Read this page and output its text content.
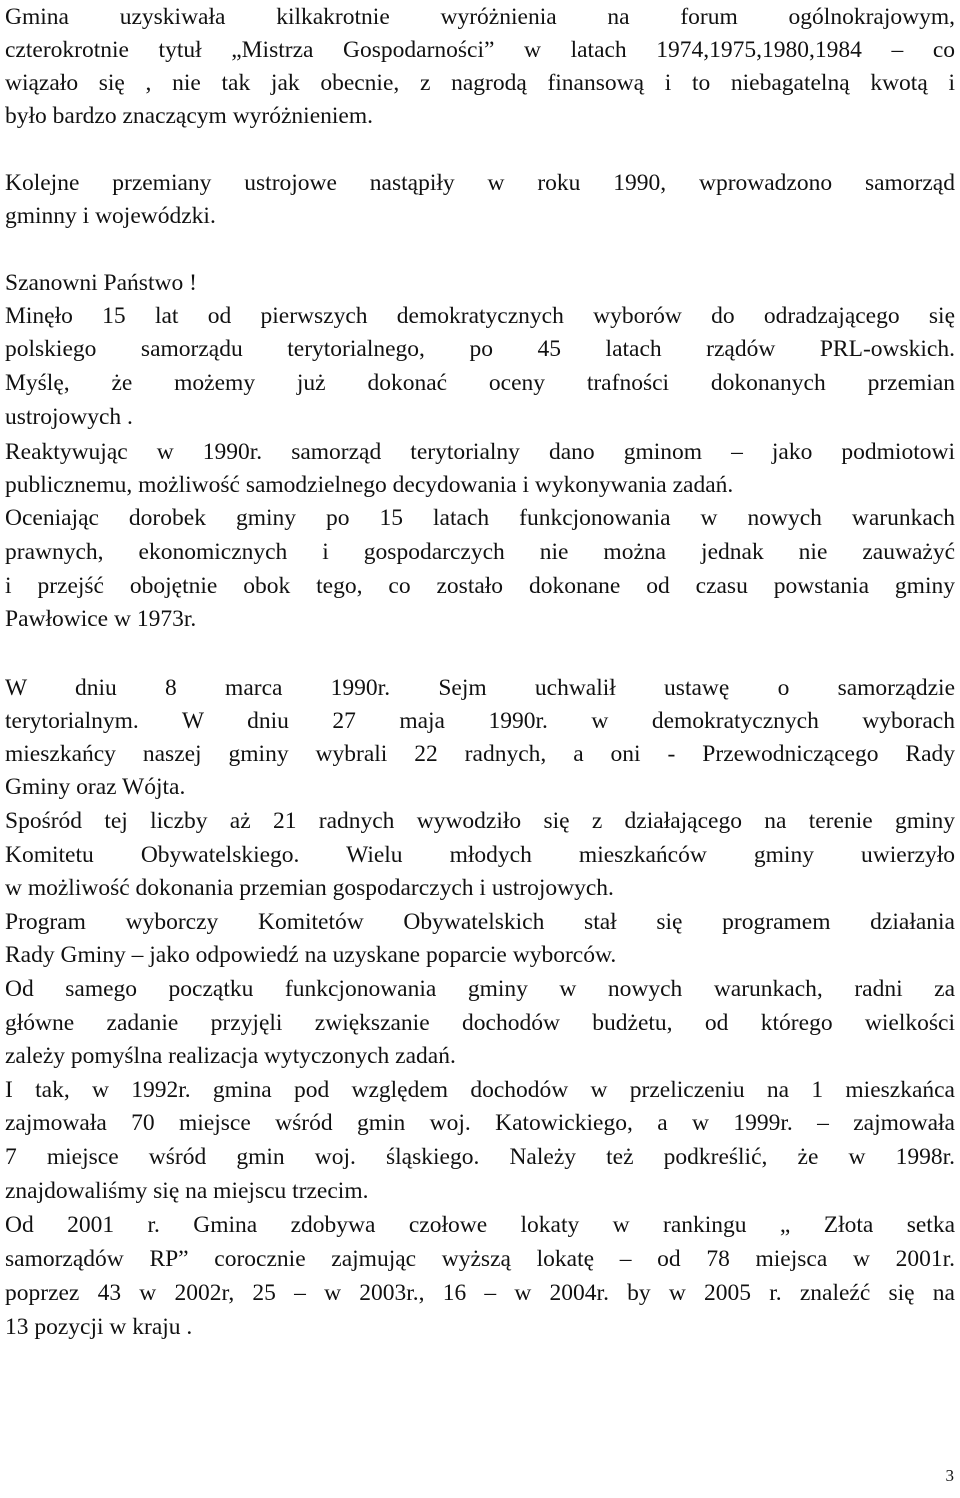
Gmina uzyskiwała kilkakrotnie wyróżnienia na forum ogólnokrajowym,
czterokrotnie tytuł „Mistrza Gospodarności” w latach 1974,1975,1980,1984 – co
wiązało się , nie tak jak obecnie, z nagrodą finansową i to niebagatelną kwotą i
było bardzo znaczącym wyróżnieniem.
Kolejne przemiany ustrojowe nastąpiły w roku 1990, wprowadzono samorząd
gminny i wojewódzki.
Szanowni Państwo !
Minęło 15 lat od pierwszych demokratycznych wyborów do odradzającego się
polskiego samorządu terytorialnego, po 45 latach rządów PRL-owskich.
Myślę, że możemy już dokonać oceny trafności dokonanych przemian
ustrojowych .
Reaktywując w 1990r. samorząd terytorialny dano gminom – jako podmiotowi
publicznemu, możliwość samodzielnego decydowania i wykonywania zadań.
Oceniając dorobek gminy po 15 latach funkcjonowania w nowych warunkach
prawnych, ekonomicznych i gospodarczych nie można jednak nie zauważyć
i przejść obojętnie obok tego, co zostało dokonane od czasu powstania gminy
Pawłowice w 1973r.
W dniu 8 marca 1990r. Sejm uchwalił ustawę o samorządzie
terytorialnym. W dniu 27 maja 1990r. w demokratycznych wyborach
mieszkańcy naszej gminy wybrali 22 radnych, a oni - Przewodniczącego Rady
Gminy oraz Wójta.
Spośród tej liczby aż 21 radnych wywodziło się z działającego na terenie gminy
Komitetu Obywatelskiego. Wielu młodych mieszkańców gminy uwierzyło
w możliwość dokonania przemian gospodarczych i ustrojowych.
Program wyborczy Komitetów Obywatelskich stał się programem działania
Rady Gminy – jako odpowiedź na uzyskane poparcie wyborców.
Od samego początku funkcjonowania gminy w nowych warunkach, radni za
główne zadanie przyjęli zwiększanie dochodów budżetu, od którego wielkości
zależy pomyślna realizacja wytyczonych zadań.
I tak, w 1992r. gmina pod względem dochodów w przeliczeniu na 1 mieszkańca
zajmowała 70 miejsce wśród gmin woj. Katowickiego, a w 1999r. – zajmowała
7 miejsce wśród gmin woj. śląskiego. Należy też podkreślić, że w 1998r.
znajdowaliśmy się na miejscu trzecim.
Od 2001 r. Gmina zdobywa czołowe lokaty w rankingu „ Złota setka
samorządów RP” corocznie zajmując wyższą lokatę – od 78 miejsca w 2001r.
poprzez 43 w 2002r, 25 – w 2003r., 16 – w 2004r. by w 2005 r. znaleźć się na
13 pozycji w kraju .
3
